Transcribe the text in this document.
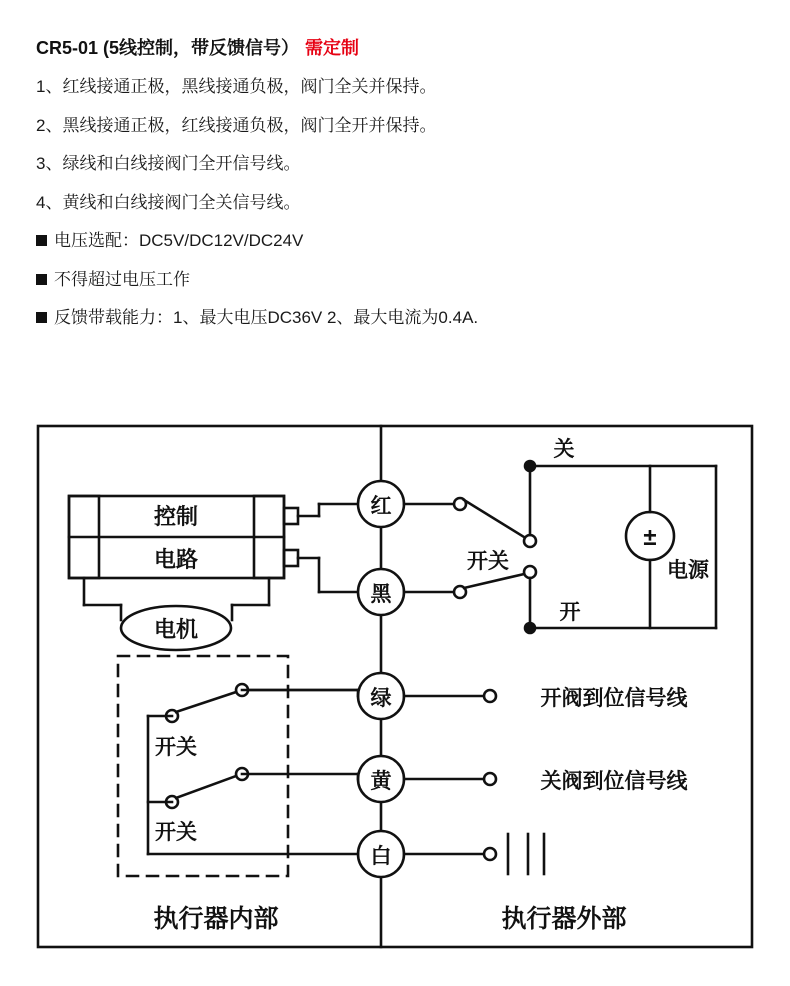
CR5-01 (5线控制，带反馈信号） 需定制
1、红线接通正极，黑线接通负极，阀门全关并保持。
2、黑线接通正极，红线接通负极，阀门全开并保持。
3、绿线和白线接阀门全开信号线。
4、黄线和白线接阀门全关信号线。
电压选配：DC5V/DC12V/DC24V
不得超过电压工作
反馈带载能力：1、最大电压DC36V 2、最大电流为0.4A.
控制
电路
电机
红
黑
绿
黄
白
关
开
开关
±
电源
开关
开关
开阀到位信号线
关阀到位信号线
执行器内部	执行器外部
